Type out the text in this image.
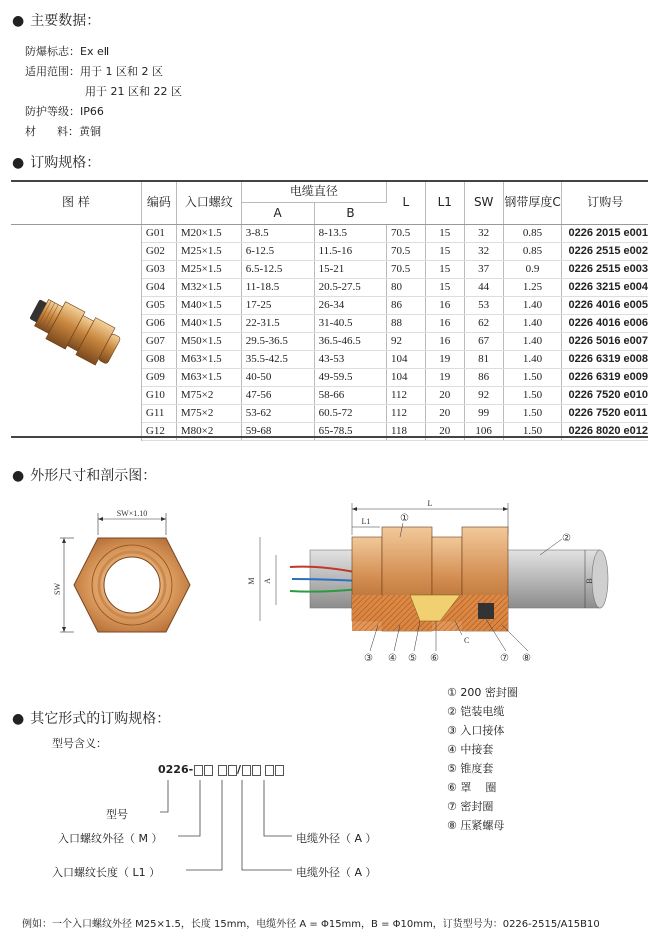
● 主要数据：
防爆标志：Ex eⅡ
适用范围：用于 1 区和 2 区
用于 21 区和 22 区
防护等级：IP66
材      料：黄铜
● 订购规格：
图 样	编码	入口螺纹	电缆直径		L	L1	SW	钢带厚度C	订购号
			A	B					
	G01	M20×1.5	3-8.5	8-13.5	70.5	15	32	0.85	0226 2015 e001
	G02	M25×1.5	6-12.5	11.5-16	70.5	15	32	0.85	0226 2515 e002
	G03	M25×1.5	6.5-12.5	15-21	70.5	15	37	0.9	0226 2515 e003
	G04	M32×1.5	11-18.5	20.5-27.5	80	15	44	1.25	0226 3215 e004
	G05	M40×1.5	17-25	26-34	86	16	53	1.40	0226 4016 e005
	G06	M40×1.5	22-31.5	31-40.5	88	16	62	1.40	0226 4016 e006
	G07	M50×1.5	29.5-36.5	36.5-46.5	92	16	67	1.40	0226 5016 e007
	G08	M63×1.5	35.5-42.5	43-53	104	19	81	1.40	0226 6319 e008
	G09	M63×1.5	40-50	49-59.5	104	19	86	1.50	0226 6319 e009
	G10	M75×2	47-56	58-66	112	20	92	1.50	0226 7520 e010
	G11	M75×2	53-62	60.5-72	112	20	99	1.50	0226 7520 e011
	G12	M80×2	59-68	65-78.5	118	20	106	1.50	0226 8020 e012
● 外形尺寸和剖示图：
SW×1.10
SW
L
L1
M A	B
C
①
②
③ ④ ⑤ ⑥	⑦ ⑧
① 200 密封圈
② 铠装电缆
③ 入口接体
④ 中接套
⑤ 锥度套
⑥ 罩    圈
⑦ 密封圈
⑧ 压紧螺母
● 其它形式的订购规格：
型号含义：
0226-	/
型号
入口螺纹外径（ M ）
入口螺纹长度（ L1 ）
电缆外径（ A ）
电缆外径（ A ）
例如：一个入口螺纹外径 M25×1.5，长度 15mm，电缆外径 A = Φ15mm，B = Φ10mm，订货型号为：0226-2515/A15B10
